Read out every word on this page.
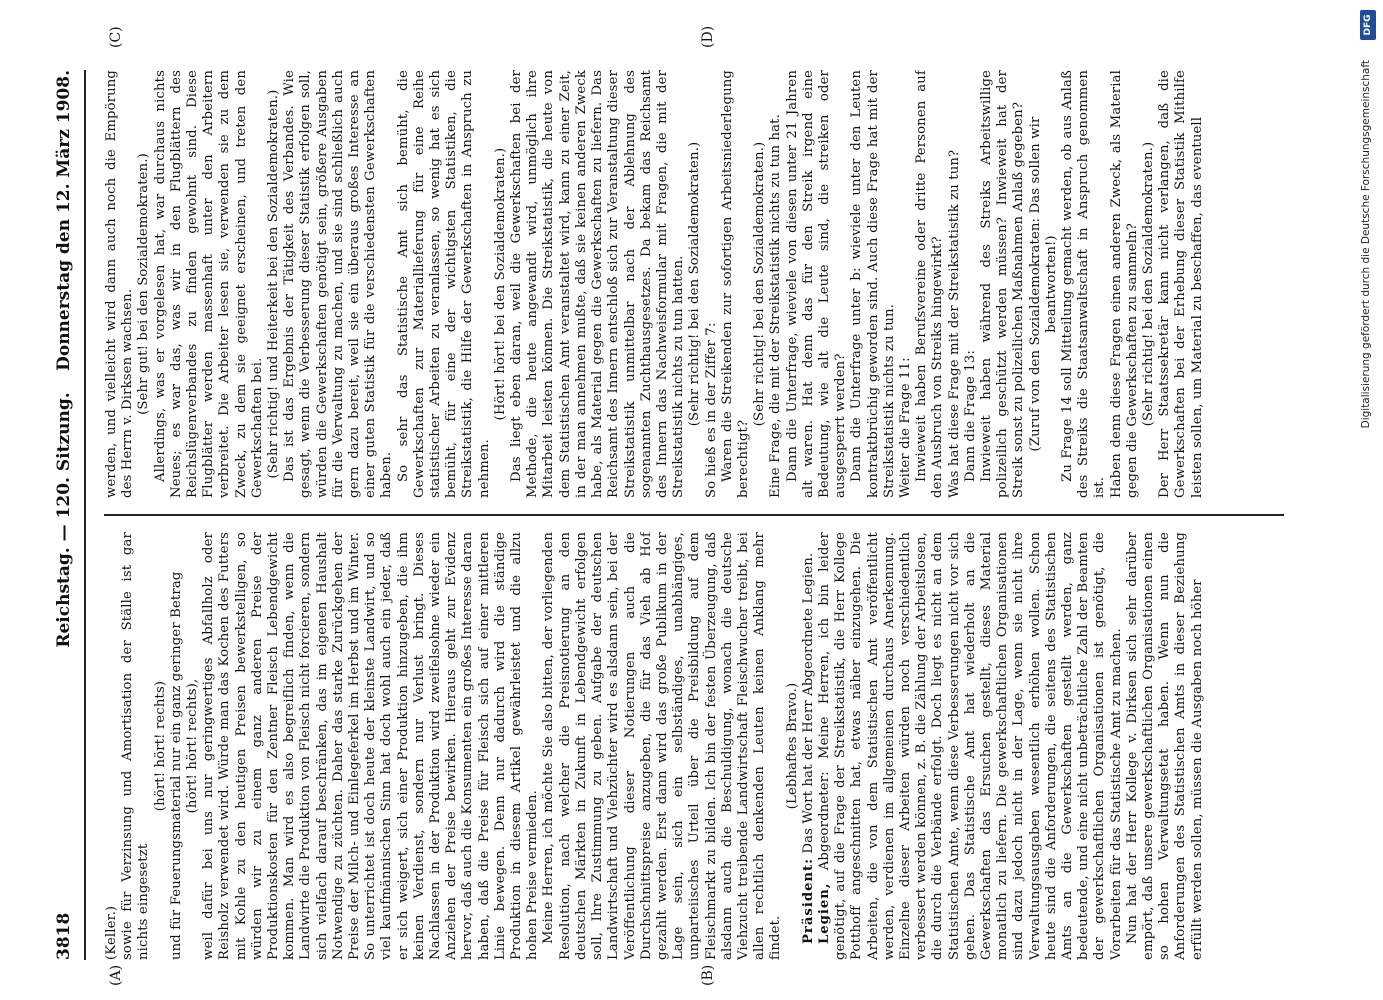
3818
Reichstag. — 120. Sitzung.
Donnerstag den 12. März 1908.
(A)	(B)
(C)	(D)

(Keller.) sowie für Verzinsung und Amortisation der Ställe ist gar nichts eingesetzt

(hört! hört! rechts) und für Feuerungsmaterial nur ein ganz geringer Betrag (hört! hört! rechts), weil dafür bei uns nur geringwertiges Abfallholz oder Reisholz verwendet wird. Würde man das Kochen des Futters mit Kohle zu den heutigen Preisen bewerkstelligen, so würden wir zu einem ganz anderen Preise der Produktionskosten für den Zentner Fleisch Lebendgewicht kommen. Man wird es also begreiflich finden, wenn die Landwirte die Produktion von Fleisch nicht forcieren, sondern sich vielfach darauf beschränken, das im eigenen Haushalt Notwendige zu züchten. Daher das starke Zurückgehen der Preise der Milch- und Einlegeferkel im Herbst und im Winter. So unterrichtet ist doch heute der kleinste Landwirt, und so viel kaufmännischen Sinn hat doch wohl auch ein jeder, daß er sich weigert, sich einer Produktion hinzugeben, die ihm keinen Verdienst, sondern nur Verlust bringt. Dieses Nachlassen in der Produktion wird zweifelsohne wieder ein Anziehen der Preise bewirken. Hieraus geht zur Evidenz hervor, daß auch die Konsumenten ein großes Interesse daran haben, daß die Preise für Fleisch sich auf einer mittleren Linie bewegen. Denn nur dadurch wird die ständige Produktion in diesem Artikel gewährleistet und die allzu hohen Preise vermieden. Meine Herren, ich möchte Sie also bitten, der vorliegenden Resolution, nach welcher die Preisnotierung an den deutschen Märkten in Zukunft in Lebendgewicht erfolgen soll, Ihre Zustimmung zu geben. Aufgabe der deutschen Landwirtschaft und Viehzüchter wird es alsdann sein, bei der Veröffentlichung dieser Notierungen auch die Durchschnittspreise anzugeben, die für das Vieh ab Hof gezahlt werden. Erst dann wird das große Publikum in der Lage sein, sich ein selbständiges, unabhängiges, unparteiisches Urteil über die Preisbildung auf dem Fleischmarkt zu bilden. Ich bin der festen Überzeugung, daß alsdann auch die Beschuldigung, wonach die deutsche Viehzucht treibende Landwirtschaft Fleischwucher treibt, bei allen rechtlich denkenden Leuten keinen Anklang mehr findet.

(Lebhaftes Bravo.)

Präsident: Das Wort hat der Herr Abgeordnete Legien.

Legien, Abgeordneter: Meine Herren, ich bin leider genötigt, auf die Frage der Streikstatistik, die Herr Kollege Potthoff angeschnitten hat, etwas näher einzugehen. Die Arbeiten, die von dem Statistischen Amt veröffentlicht werden, verdienen im allgemeinen durchaus Anerkennung. Einzelne dieser Arbeiten würden noch verschiedentlich verbessert werden können, z. B. die Zählung der Arbeitslosen, die durch die Verbände erfolgt. Doch liegt es nicht an dem Statistischen Amte, wenn diese Verbesserungen nicht vor sich gehen. Das Statistische Amt hat wiederholt an die Gewerkschaften das Ersuchen gestellt, dieses Material monatlich zu liefern. Die gewerkschaftlichen Organisationen sind dazu jedoch nicht in der Lage, wenn sie nicht ihre Verwaltungsausgaben wesentlich erhöhen wollen. Schon heute sind die Anforderungen, die seitens des Statistischen Amts an die Gewerkschaften gestellt werden, ganz bedeutende, und eine nicht unbeträchtliche Zahl der Beamten der gewerkschaftlichen Organisationen ist genötigt, die Vorarbeiten für das Statistische Amt zu machen. Nun hat der Herr Kollege v. Dirksen sich sehr darüber empört, daß unsere gewerkschaftlichen Organisationen einen so hohen Verwaltungsetat haben. Wenn nun die Anforderungen des Statistischen Amts in dieser Beziehung erfüllt werden sollen, müssen die Ausgaben noch höher

werden, und vielleicht wird dann auch noch die Empörung des Herrn v. Dirksen wachsen. (Sehr gut! bei den Sozialdemokraten.) Allerdings, was er vorgelesen hat, war durchaus nichts Neues; es war das, was wir in den Flugblättern des Reichslügenverbandes zu finden gewohnt sind. Diese Flugblätter werden massenhaft unter den Arbeitern verbreitet. Die Arbeiter lesen sie, verwenden sie zu dem Zweck, zu dem sie geeignet erscheinen, und treten den Gewerkschaften bei. (Sehr richtig! und Heiterkeit bei den Sozialdemokraten.) Das ist das Ergebnis der Tätigkeit des Verbandes. Wie gesagt, wenn die Verbesserung dieser Statistik erfolgen soll, würden die Gewerkschaften genötigt sein, größere Ausgaben für die Verwaltung zu machen, und sie sind schließlich auch gern dazu bereit, weil sie ein überaus großes Interesse an einer guten Statistik für die verschiedensten Gewerkschaften haben. So sehr das Statistische Amt sich bemüht, die Gewerkschaften zur Materiallieferung für eine Reihe statistischer Arbeiten zu veranlassen, so wenig hat es sich bemüht, für eine der wichtigsten Statistiken, die Streikstatistik, die Hilfe der Gewerkschaften in Anspruch zu nehmen.

(Hört! hört! bei den Sozialdemokraten.) Das liegt eben daran, weil die Gewerkschaften bei der Methode, die heute angewandt wird, unmöglich ihre Mitarbeit leisten können. Die Streikstatistik, die heute von dem Statistischen Amt veranstaltet wird, kann zu einer Zeit, in der man annehmen mußte, daß sie keinen anderen Zweck habe, als Material gegen die Gewerkschaften zu liefern. Das Reichsamt des Innern entschloß sich zur Veranstaltung dieser Streikstatistik unmittelbar nach der Ablehnung des sogenannten Zuchthausgesetzes. Da bekam das Reichsamt des Innern das Nachweisformular mit Fragen, die mit der Streikstatistik nichts zu tun hatten. (Sehr richtig! bei den Sozialdemokraten.) So hieß es in der Ziffer 7: Waren die Streikenden zur sofortigen Arbeitsniederlegung berechtigt?

(Sehr richtig! bei den Sozialdemokraten.) Eine Frage, die mit der Streikstatistik nichts zu tun hat. Dann die Unterfrage, wieviele von diesen unter 21 Jahren alt waren. Hat denn das für den Streik irgend eine Bedeutung, wie alt die Leute sind, die streiken oder ausgesperrt werden? Dann die Unterfrage unter b: wieviele unter den Leuten kontraktbrüchig geworden sind. Auch diese Frage hat mit der Streikstatistik nichts zu tun. Weiter die Frage 11: Inwieweit haben Berufsvereine oder dritte Personen auf den Ausbruch von Streiks hingewirkt? Was hat diese Frage mit der Streikstatistik zu tun? Dann die Frage 13: Inwieweit haben während des Streiks Arbeitswillige polizeilich geschützt werden müssen? Inwieweit hat der Streik sonst zu polizeilichen Maßnahmen Anlaß gegeben? (Zuruf von den Sozialdemokraten: Das sollen wir beantworten!) Zu Frage 14 soll Mitteilung gemacht werden, ob aus Anlaß des Streiks die Staatsanwaltschaft in Anspruch genommen ist. Haben denn diese Fragen einen anderen Zweck, als Material gegen die Gewerkschaften zu sammeln? (Sehr richtig! bei den Sozialdemokraten.) Der Herr Staatssekretär kann nicht verlangen, daß die Gewerkschaften bei der Erhebung dieser Statistik Mithilfe leisten sollen, um Material zu beschaffen, das eventuell	Digitalisierung gefördert durch die Deutsche Forschungsgemeinschaft
DFG
